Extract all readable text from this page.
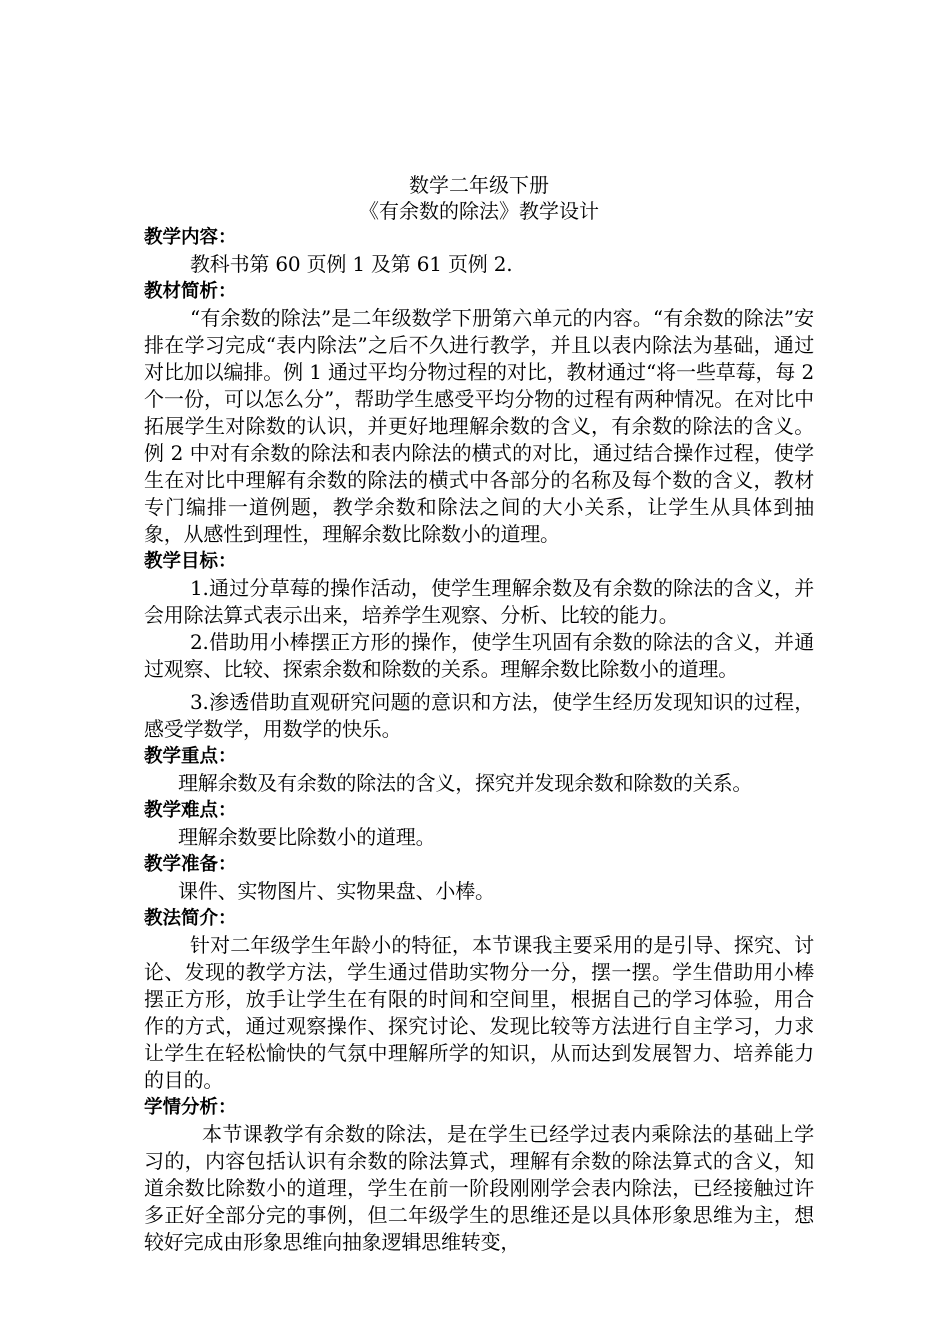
数学二年级下册
《有余数的除法》教学设计
教学内容：

教科书第 60 页例 1 及第 61 页例 2.

教材简析：

“有余数的除法”是二年级数学下册第六单元的内容。“有余数的除法”安排在学习完成“表内除法”之后不久进行教学，并且以表内除法为基础，通过对比加以编排。例 1 通过平均分物过程的对比，教材通过“将一些草莓，每 2 个一份，可以怎么分”，帮助学生感受平均分物的过程有两种情况。在对比中拓展学生对除数的认识，并更好地理解余数的含义，有余数的除法的含义。例 2 中对有余数的除法和表内除法的横式的对比，通过结合操作过程，使学生在对比中理解有余数的除法的横式中各部分的名称及每个数的含义，教材专门编排一道例题，教学余数和除法之间的大小关系，让学生从具体到抽象，从感性到理性，理解余数比除数小的道理。

教学目标：

1.通过分草莓的操作活动，使学生理解余数及有余数的除法的含义，并会用除法算式表示出来，培养学生观察、分析、比较的能力。

2.借助用小棒摆正方形的操作，使学生巩固有余数的除法的含义，并通过观察、比较、探索余数和除数的关系。理解余数比除数小的道理。

3.渗透借助直观研究问题的意识和方法，使学生经历发现知识的过程，感受学数学，用数学的快乐。

教学重点：

理解余数及有余数的除法的含义，探究并发现余数和除数的关系。

教学难点：

理解余数要比除数小的道理。

教学准备：

课件、实物图片、实物果盘、小棒。

教法简介：

针对二年级学生年龄小的特征，本节课我主要采用的是引导、探究、讨论、发现的教学方法，学生通过借助实物分一分，摆一摆。学生借助用小棒摆正方形，放手让学生在有限的时间和空间里，根据自己的学习体验，用合作的方式，通过观察操作、探究讨论、发现比较等方法进行自主学习，力求让学生在轻松愉快的气氛中理解所学的知识，从而达到发展智力、培养能力的目的。

学情分析：

本节课教学有余数的除法，是在学生已经学过表内乘除法的基础上学习的，内容包括认识有余数的除法算式，理解有余数的除法算式的含义，知道余数比除数小的道理，学生在前一阶段刚刚学会表内除法，已经接触过许多正好全部分完的事例，但二年级学生的思维还是以具体形象思维为主，想较好完成由形象思维向抽象逻辑思维转变，
